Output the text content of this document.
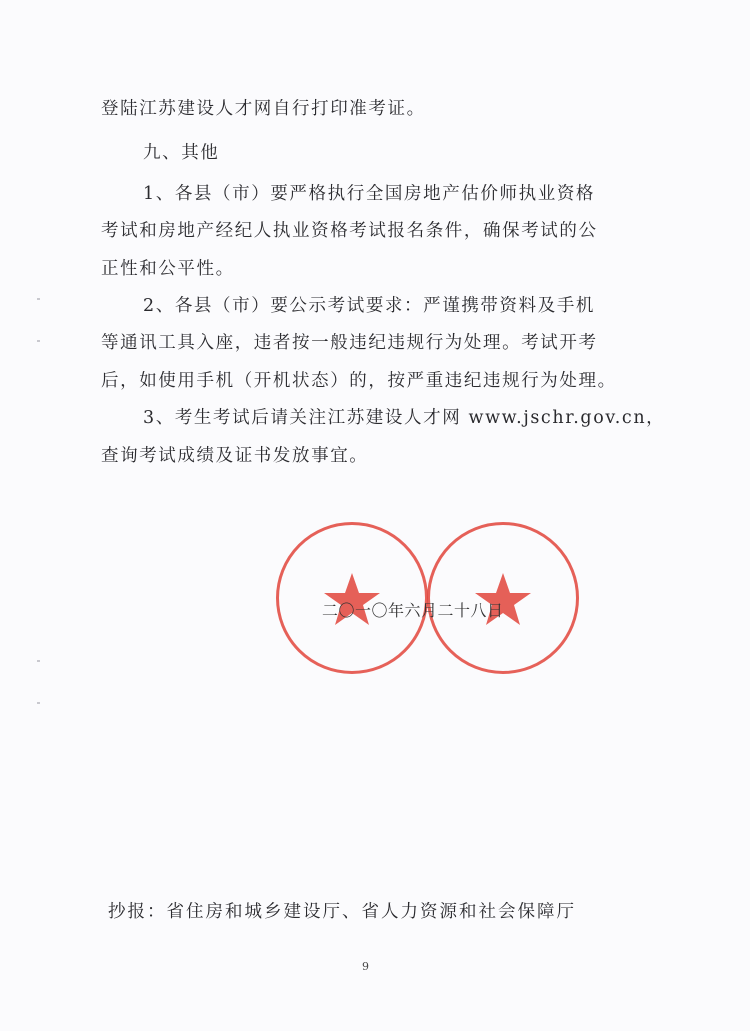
登陆江苏建设人才网自行打印准考证。
九、其他
1、各县（市）要严格执行全国房地产估价师执业资格
考试和房地产经纪人执业资格考试报名条件，确保考试的公
正性和公平性。
2、各县（市）要公示考试要求：严谨携带资料及手机
等通讯工具入座，违者按一般违纪违规行为处理。考试开考
后，如使用手机（开机状态）的，按严重违纪违规行为处理。
3、考生考试后请关注江苏建设人才网 www.jschr.gov.cn，
查询考试成绩及证书发放事宜。
二〇一〇年六月二十八日
抄报：省住房和城乡建设厅、省人力资源和社会保障厅
9
